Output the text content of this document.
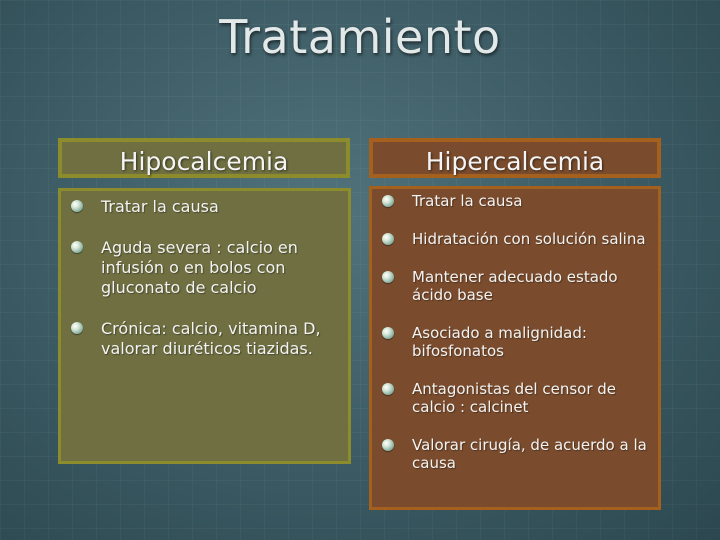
Tratamiento
Hipocalcemia	Hipercalcemia
Tratar la causa
Aguda severa : calcio en infusión o en bolos con gluconato de calcio
Crónica: calcio, vitamina D, valorar diuréticos tiazidas.
Tratar la causa
Hidratación con solución salina
Mantener adecuado estado ácido base
Asociado a malignidad: bifosfonatos
Antagonistas del censor de calcio : calcinet
Valorar cirugía, de acuerdo a la causa
